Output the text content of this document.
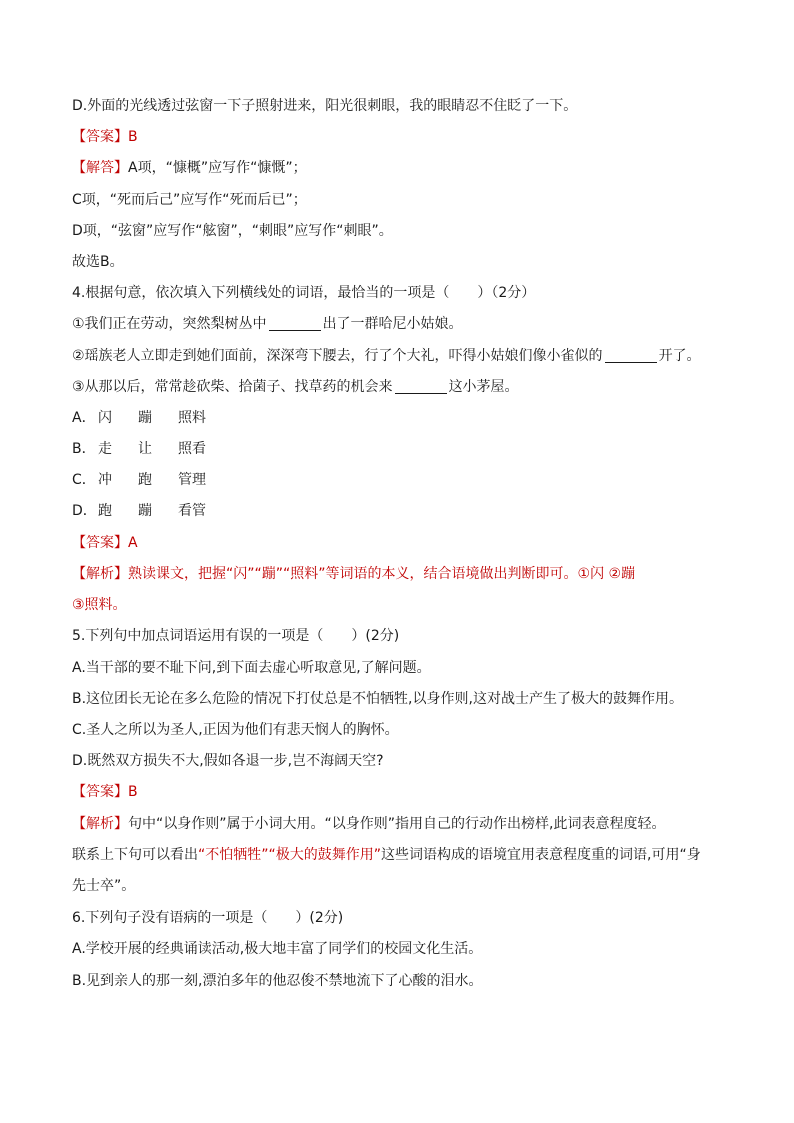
D.外面的光线透过弦窗一下子照射进来，阳光很刺眼，我的眼睛忍不住眨了一下。
【答案】B
【解答】A项，“慷概”应写作“慷慨”；
C项，“死而后己”应写作“死而后已”；
D项，“弦窗”应写作“舷窗”，“刺眼”应写作“刺眼”。
故选B。
4.根据句意，依次填入下列横线处的词语，最恰当的一项是（　　）（2分）
①我们正在劳动，突然梨树丛中	出了一群哈尼小姑娘。
②瑶族老人立即走到她们面前，深深弯下腰去，行了个大礼，吓得小姑娘们像小雀似的	开了。
③从那以后，常常趁砍柴、拾菌子、找草药的机会来	这小茅屋。
A． 闪	蹦	照料
B． 走	让	照看
C． 冲	跑	管理
D． 跑	蹦	看管
【答案】A

【解析】熟读课文，把握“闪”“蹦”“照料”等词语的本义，结合语境做出判断即可。①闪 ②蹦
③照料。

5.下列句中加点词语运用有误的一项是（　　）(2分)
A.当干部的要不耻下问,到下面去虚心听取意见,了解问题。
B.这位团长无论在多么危险的情况下打仗总是不怕牺牲,以身作则,这对战士产生了极大的鼓舞作用。
C.圣人之所以为圣人,正因为他们有悲天悯人的胸怀。
D.既然双方损失不大,假如各退一步,岂不海阔天空?
【答案】B

【解析】句中“以身作则”属于小词大用。“以身作则”指用自己的行动作出榜样,此词表意程度轻。
联系上下句可以看出“不怕牺牲”“极大的鼓舞作用”这些词语构成的语境宜用表意程度重的词语,可用“身
先士卒”。

6.下列句子没有语病的一项是（　　）(2分)
A.学校开展的经典诵读活动,极大地丰富了同学们的校园文化生活。
B.见到亲人的那一刻,漂泊多年的他忍俊不禁地流下了心酸的泪水。
